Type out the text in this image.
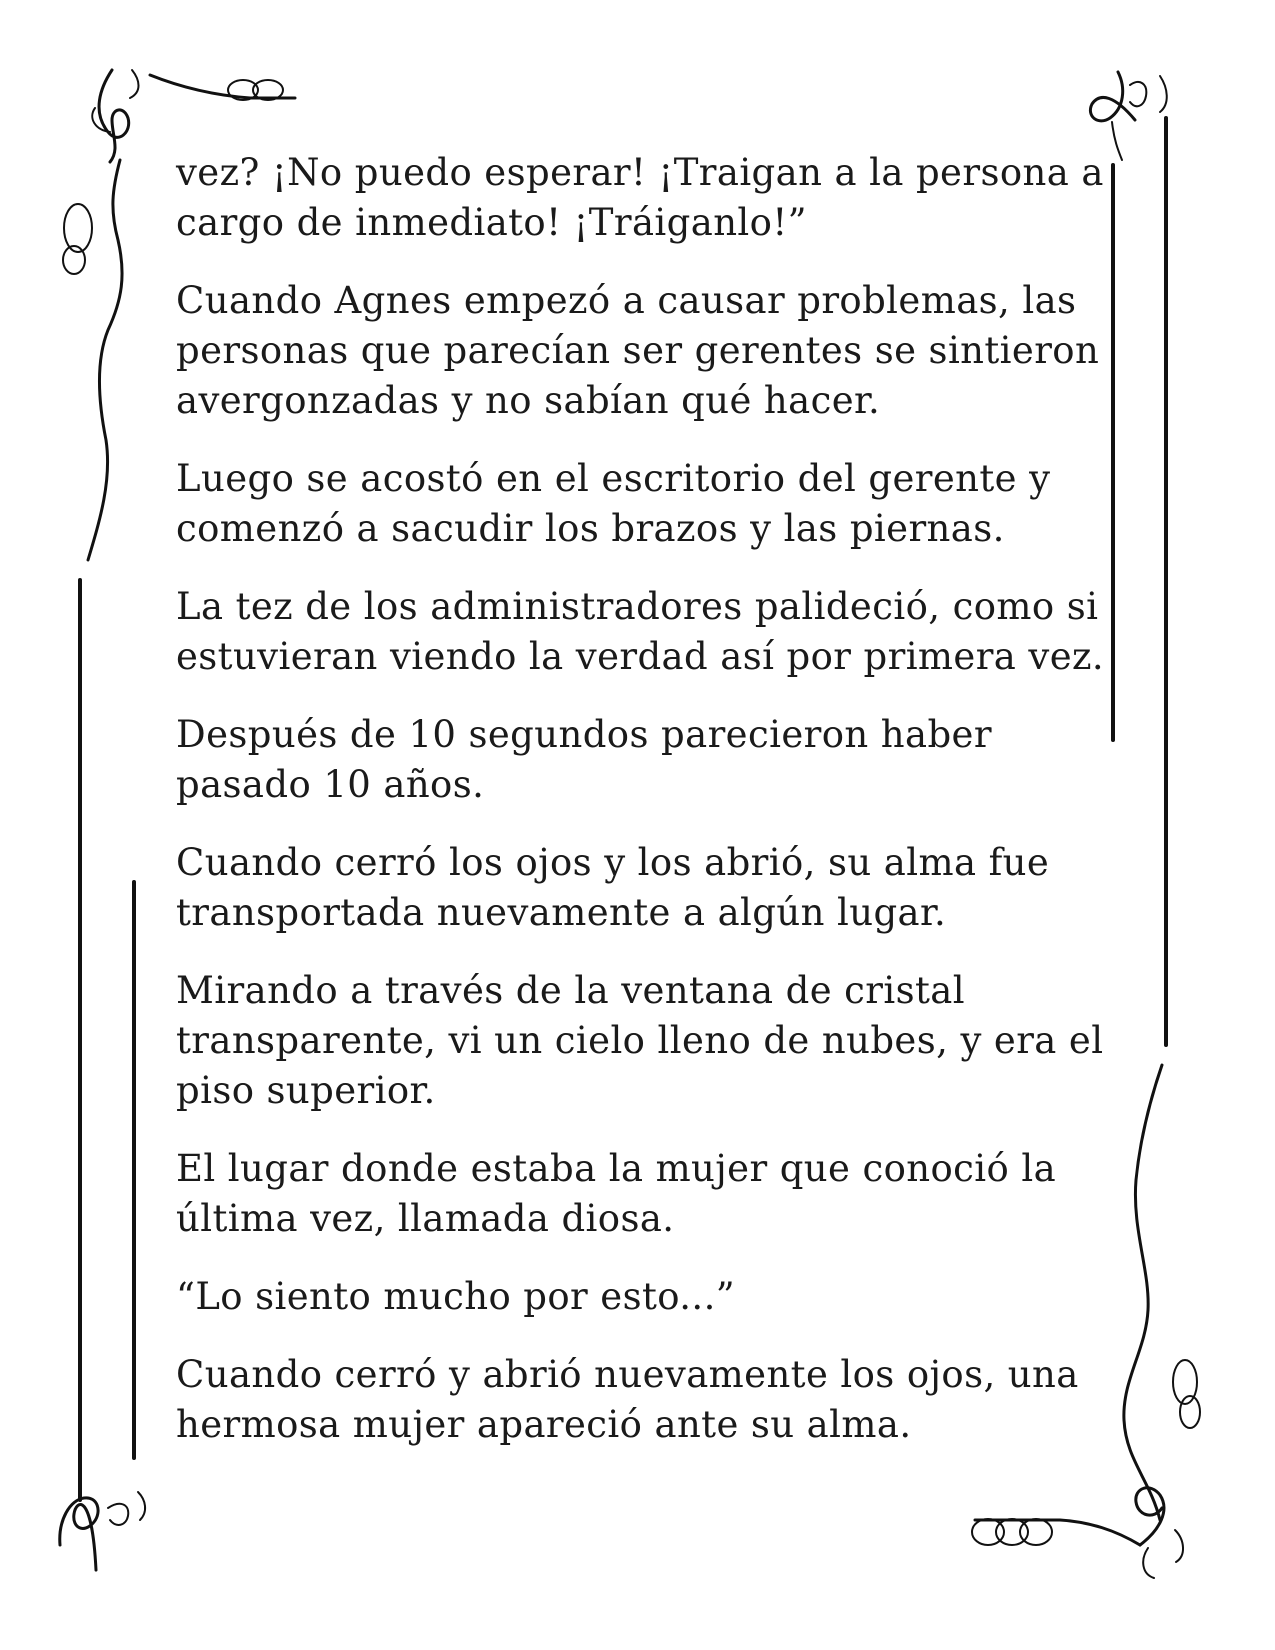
vez? ¡No puedo esperar! ¡Traigan a la persona a cargo de inmediato! ¡Tráiganlo!”

Cuando Agnes empezó a causar problemas, las personas que parecían ser gerentes se sintieron avergonzadas y no sabían qué hacer.

Luego se acostó en el escritorio del gerente y comenzó a sacudir los brazos y las piernas.

La tez de los administradores palideció, como si estuvieran viendo la verdad así por primera vez.

Después de 10 segundos parecieron haber pasado 10 años.

Cuando cerró los ojos y los abrió, su alma fue transportada nuevamente a algún lugar.

Mirando a través de la ventana de cristal transparente, vi un cielo lleno de nubes, y era el piso superior.

El lugar donde estaba la mujer que conoció la última vez, llamada diosa.

“Lo siento mucho por esto...”

Cuando cerró y abrió nuevamente los ojos, una hermosa mujer apareció ante su alma.
